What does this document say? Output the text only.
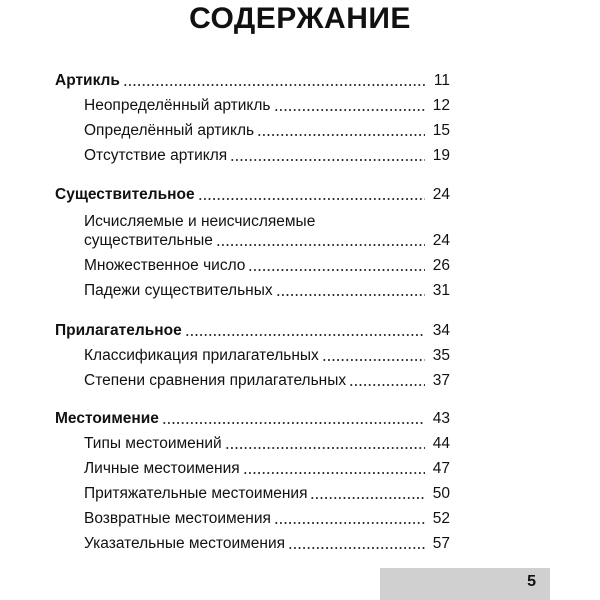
СОДЕРЖАНИЕ
Артикль	11
Неопределённый артикль	12
Определённый артикль	15
Отсутствие артикля	19
Существительное	24
Исчисляемые и неисчисляемые
существительные	24
Множественное число	26
Падежи существительных	31
Прилагательное	34
Классификация прилагательных	35
Степени сравнения прилагательных	37
Местоимение	43
Типы местоимений	44
Личные местоимения	47
Притяжательные местоимения	50
Возвратные местоимения	52
Указательные местоимения	57
5
